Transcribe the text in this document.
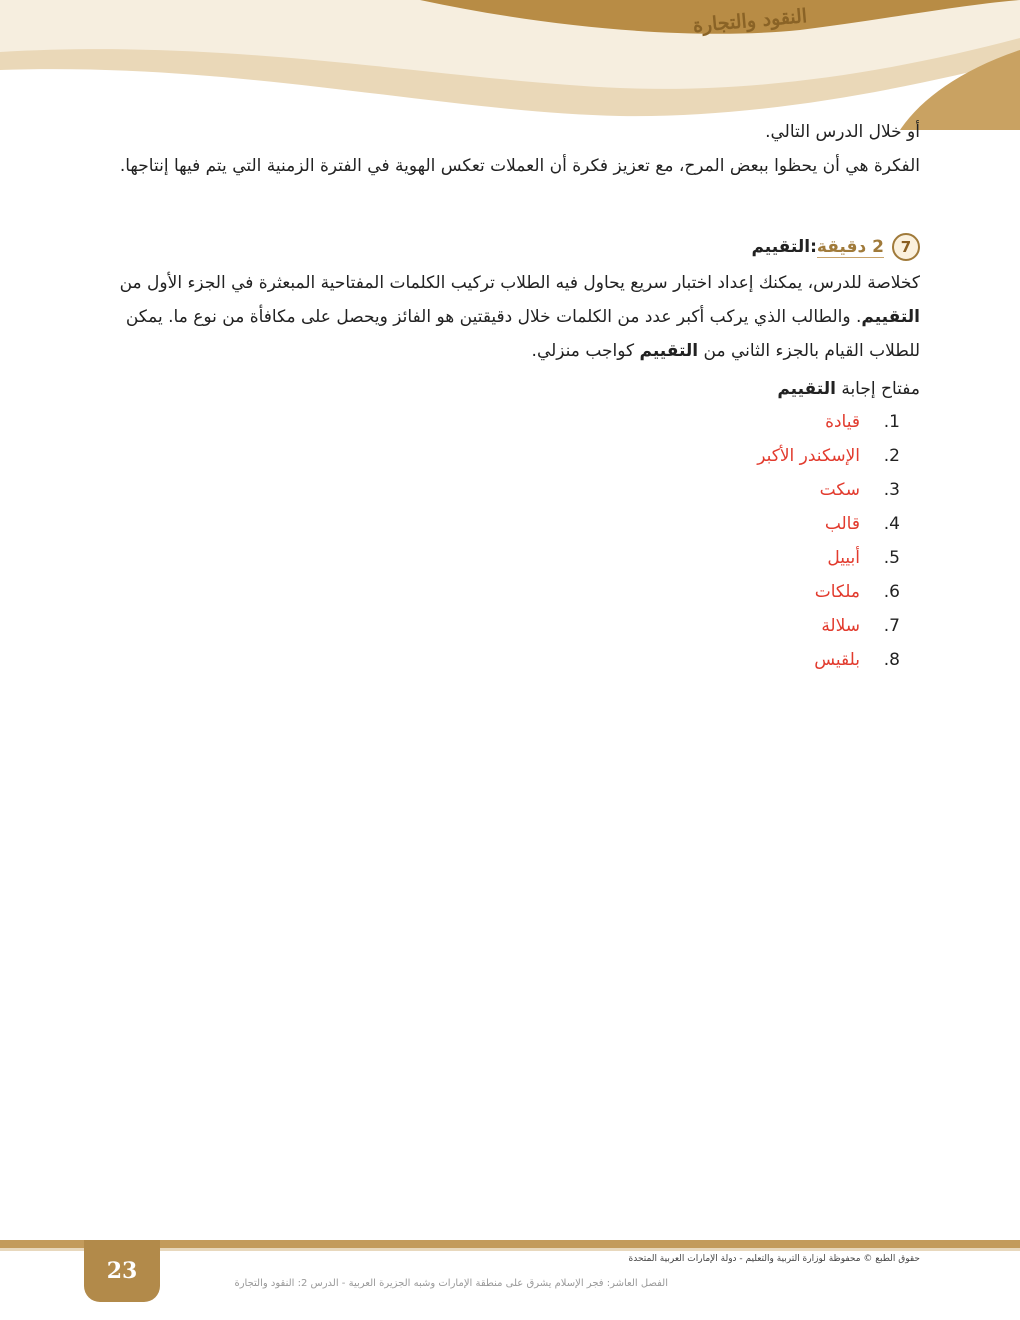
النقود والتجارة

أو خلال الدرس التالي.

الفكرة هي أن يحظوا ببعض المرح، مع تعزيز فكرة أن العملات تعكس الهوية في الفترة الزمنية التي يتم فيها إنتاجها.

7
2 دقيقة
:
التقييم

كخلاصة للدرس، يمكنك إعداد اختبار سريع يحاول فيه الطلاب تركيب الكلمات المفتاحية المبعثرة في الجزء الأول من التقييم. والطالب الذي يركب أكبر عدد من الكلمات خلال دقيقتين هو الفائز ويحصل على مكافأة من نوع ما. يمكن للطلاب القيام بالجزء الثاني من التقييم كواجب منزلي.

مفتاح إجابة التقييم
1.قيادة
2.الإسكندر الأكبر
3.سكت
4.قالب
5.أبييل
6.ملكات
7.سلالة
8.بلقيس
23	حقوق الطبع © محفوظة لوزارة التربية والتعليم - دولة الإمارات العربية المتحدة
الفصل العاشر: فجر الإسلام يشرق على منطقة الإمارات وشبه الجزيرة العربية - الدرس 2: النقود والتجارة
